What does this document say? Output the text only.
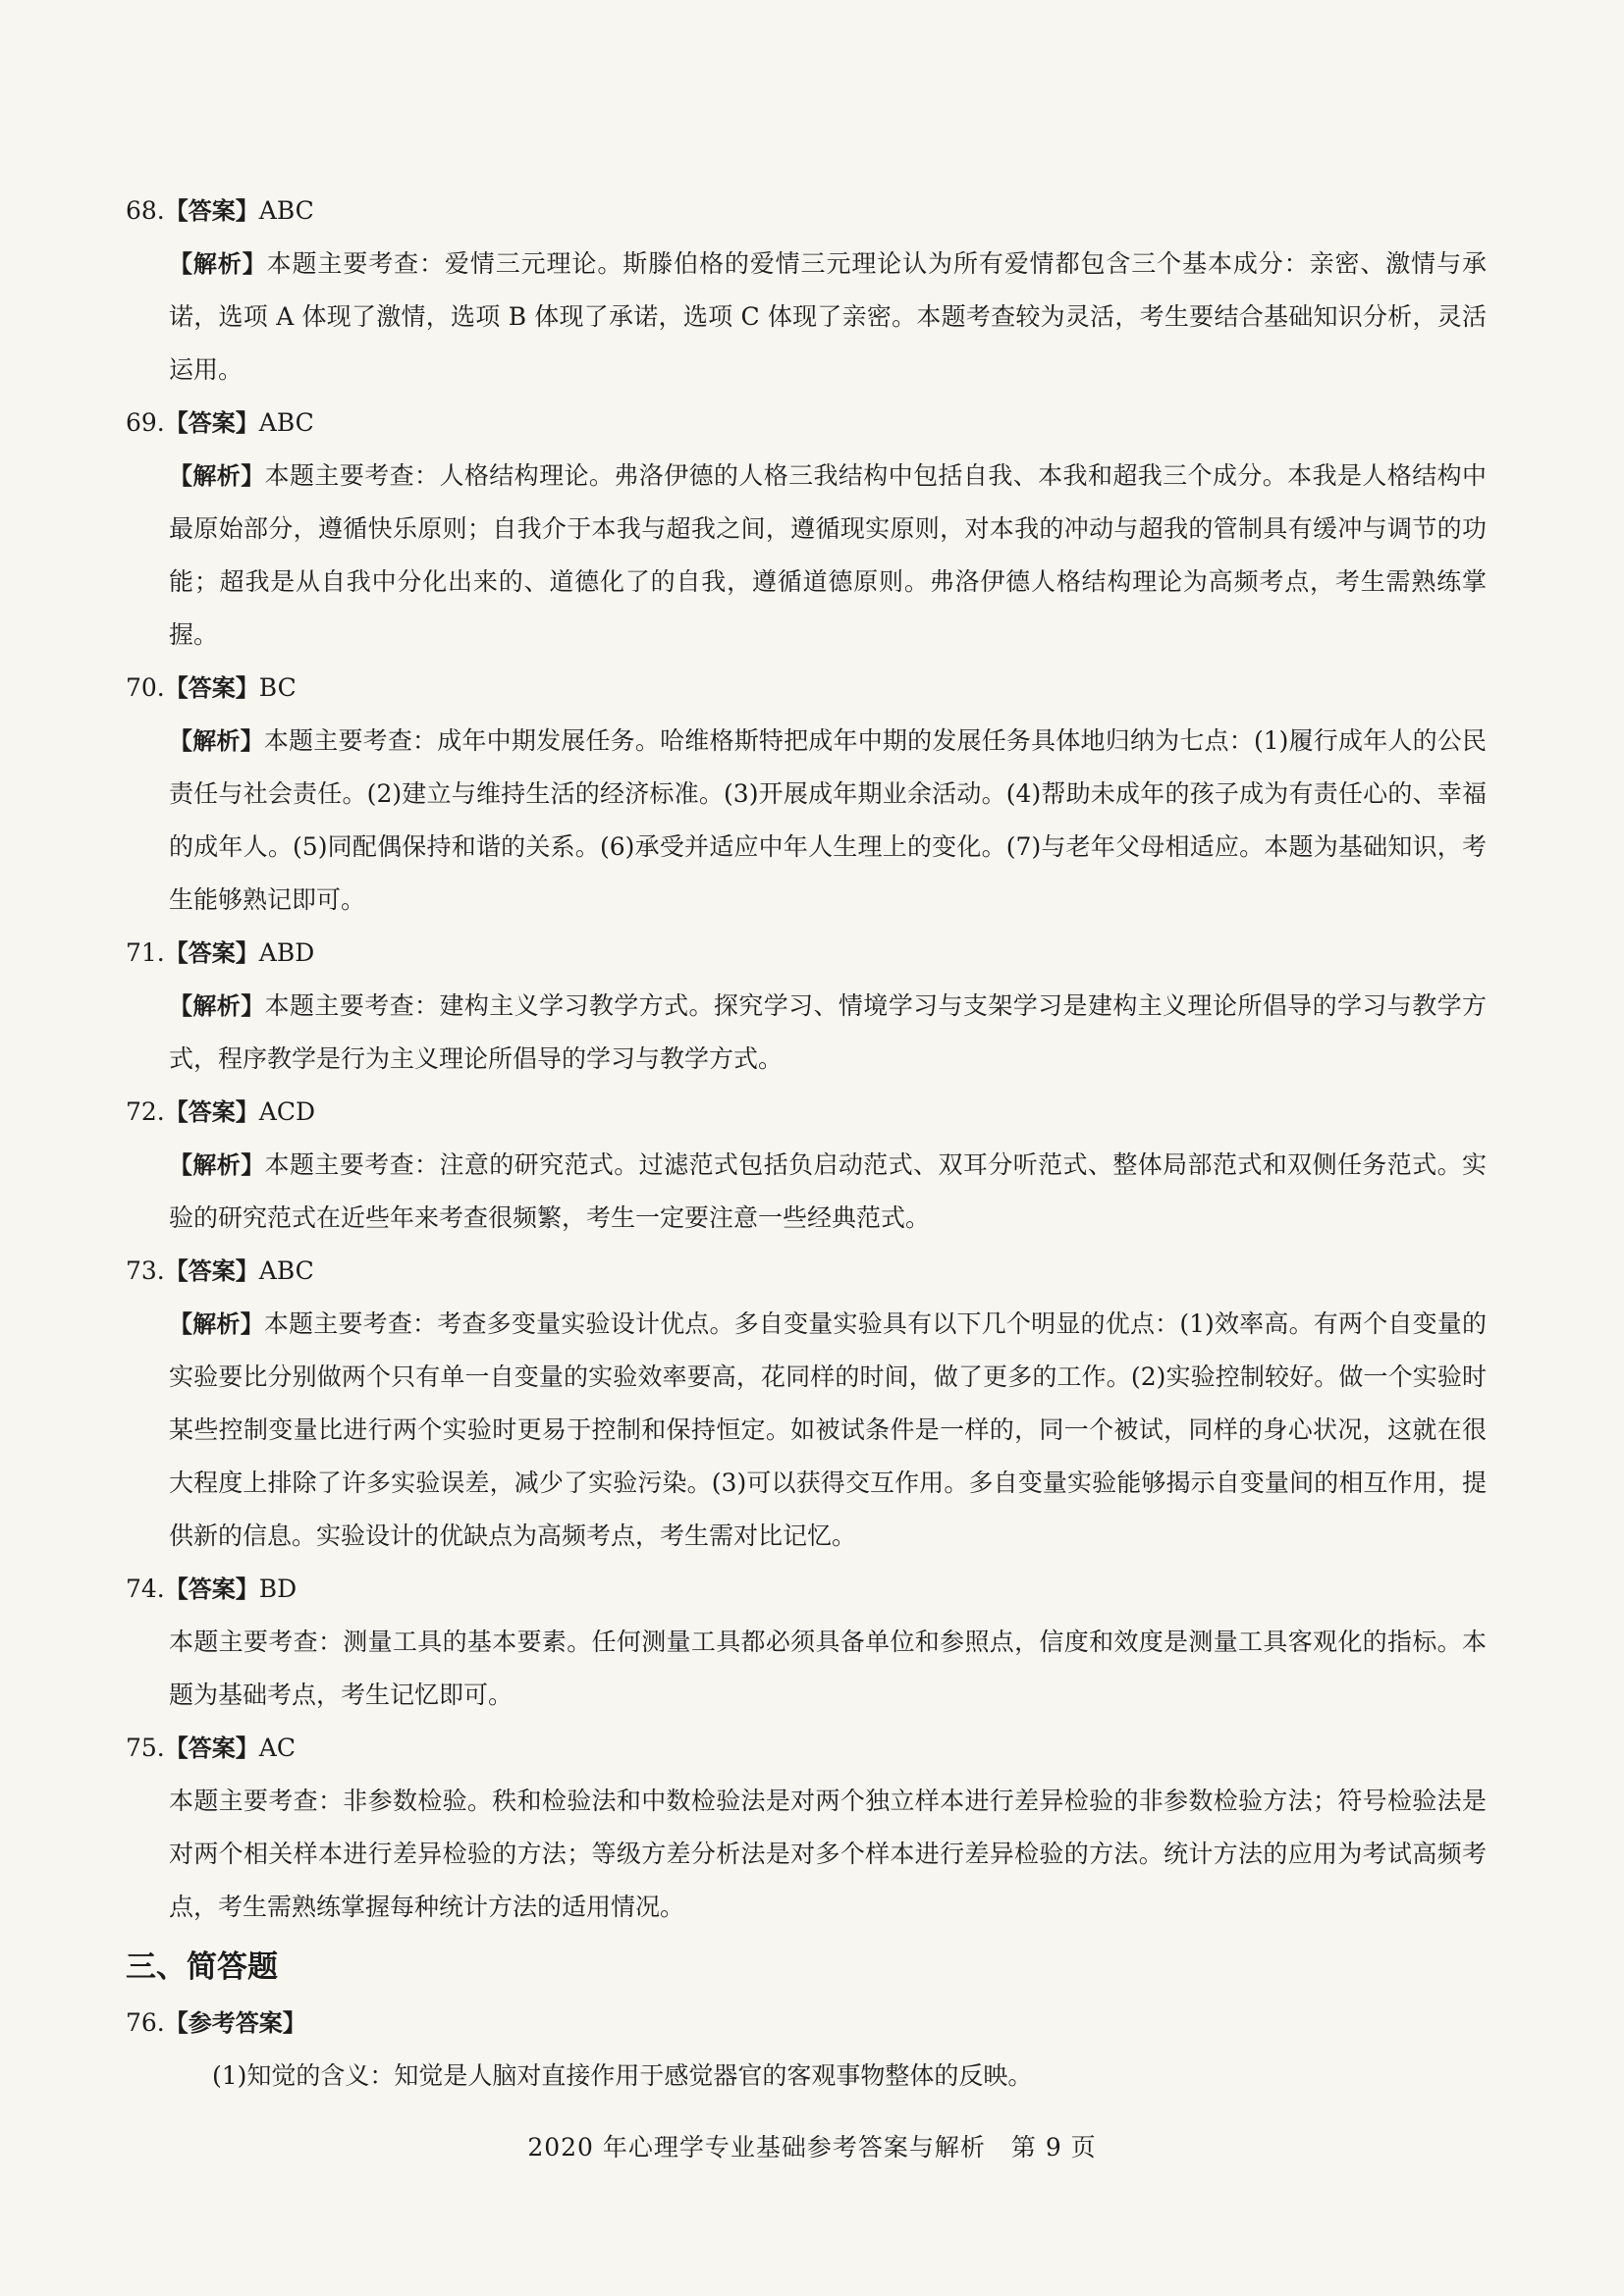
68.【答案】ABC

【解析】本题主要考查：爱情三元理论。斯滕伯格的爱情三元理论认为所有爱情都包含三个基本成分：亲密、激情与承诺，选项 A 体现了激情，选项 B 体现了承诺，选项 C 体现了亲密。本题考查较为灵活，考生要结合基础知识分析，灵活运用。

69.【答案】ABC

【解析】本题主要考查：人格结构理论。弗洛伊德的人格三我结构中包括自我、本我和超我三个成分。本我是人格结构中最原始部分，遵循快乐原则；自我介于本我与超我之间，遵循现实原则，对本我的冲动与超我的管制具有缓冲与调节的功能；超我是从自我中分化出来的、道德化了的自我，遵循道德原则。弗洛伊德人格结构理论为高频考点，考生需熟练掌握。

70.【答案】BC

【解析】本题主要考查：成年中期发展任务。哈维格斯特把成年中期的发展任务具体地归纳为七点：(1)履行成年人的公民责任与社会责任。(2)建立与维持生活的经济标准。(3)开展成年期业余活动。(4)帮助未成年的孩子成为有责任心的、幸福的成年人。(5)同配偶保持和谐的关系。(6)承受并适应中年人生理上的变化。(7)与老年父母相适应。本题为基础知识，考生能够熟记即可。

71.【答案】ABD

【解析】本题主要考查：建构主义学习教学方式。探究学习、情境学习与支架学习是建构主义理论所倡导的学习与教学方式，程序教学是行为主义理论所倡导的学习与教学方式。

72.【答案】ACD

【解析】本题主要考查：注意的研究范式。过滤范式包括负启动范式、双耳分听范式、整体局部范式和双侧任务范式。实验的研究范式在近些年来考查很频繁，考生一定要注意一些经典范式。

73.【答案】ABC

【解析】本题主要考查：考查多变量实验设计优点。多自变量实验具有以下几个明显的优点：(1)效率高。有两个自变量的实验要比分别做两个只有单一自变量的实验效率要高，花同样的时间，做了更多的工作。(2)实验控制较好。做一个实验时某些控制变量比进行两个实验时更易于控制和保持恒定。如被试条件是一样的，同一个被试，同样的身心状况，这就在很大程度上排除了许多实验误差，减少了实验污染。(3)可以获得交互作用。多自变量实验能够揭示自变量间的相互作用，提供新的信息。实验设计的优缺点为高频考点，考生需对比记忆。

74.【答案】BD

本题主要考查：测量工具的基本要素。任何测量工具都必须具备单位和参照点，信度和效度是测量工具客观化的指标。本题为基础考点，考生记忆即可。

75.【答案】AC

本题主要考查：非参数检验。秩和检验法和中数检验法是对两个独立样本进行差异检验的非参数检验方法；符号检验法是对两个相关样本进行差异检验的方法；等级方差分析法是对多个样本进行差异检验的方法。统计方法的应用为考试高频考点，考生需熟练掌握每种统计方法的适用情况。

三、简答题

76.【参考答案】

(1)知觉的含义：知觉是人脑对直接作用于感觉器官的客观事物整体的反映。

2020 年心理学专业基础参考答案与解析　第 9 页
